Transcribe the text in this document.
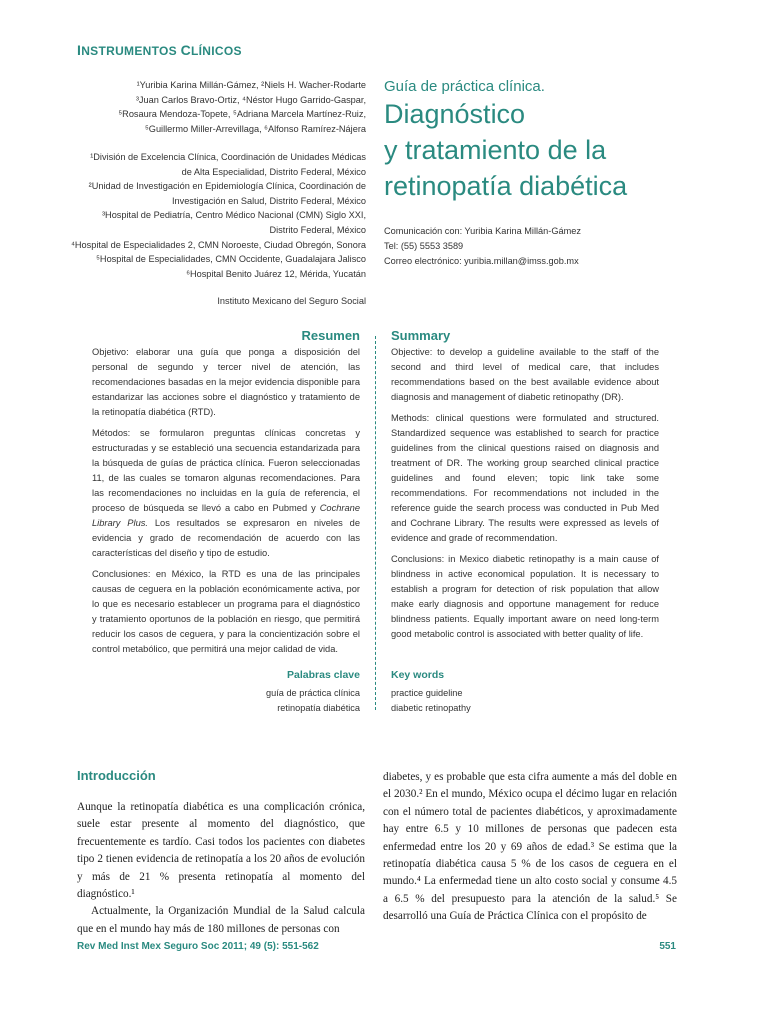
INSTRUMENTOS CLÍNICOS
¹Yuribia Karina Millán-Gámez, ²Niels H. Wacher-Rodarte
³Juan Carlos Bravo-Ortiz, ⁴Néstor Hugo Garrido-Gaspar,
⁵Rosaura Mendoza-Topete, ⁵Adriana Marcela Martínez-Ruiz,
⁵Guillermo Miller-Arrevillaga, ⁶Alfonso Ramírez-Nájera
¹División de Excelencia Clínica, Coordinación de Unidades Médicas
de Alta Especialidad, Distrito Federal, México
²Unidad de Investigación en Epidemiología Clínica, Coordinación de
Investigación en Salud, Distrito Federal, México
³Hospital de Pediatría, Centro Médico Nacional (CMN) Siglo XXI,
Distrito Federal, México
⁴Hospital de Especialidades 2, CMN Noroeste, Ciudad Obregón, Sonora
⁵Hospital de Especialidades, CMN Occidente, Guadalajara Jalisco
⁶Hospital Benito Juárez 12, Mérida, Yucatán
Instituto Mexicano del Seguro Social
Guía de práctica clínica.
Diagnóstico
y tratamiento de la
retinopatía diabética
Comunicación con: Yuribia Karina Millán-Gámez
Tel: (55) 5553 3589
Correo electrónico: yuribia.millan@imss.gob.mx
Resumen Summary

Objetivo: elaborar una guía que ponga a disposición del personal de segundo y tercer nivel de atención, las recomendaciones basadas en la mejor evidencia disponible para estandarizar las acciones sobre el diagnóstico y tratamiento de la retinopatía diabética (RTD).

Métodos: se formularon preguntas clínicas concretas y estructuradas y se estableció una secuencia estandarizada para la búsqueda de guías de práctica clínica. Fueron seleccionadas 11, de las cuales se tomaron algunas recomendaciones. Para las recomendaciones no incluidas en la guía de referencia, el proceso de búsqueda se llevó a cabo en Pubmed y Cochrane Library Plus. Los resultados se expresaron en niveles de evidencia y grado de recomendación de acuerdo con las características del diseño y tipo de estudio.

Conclusiones: en México, la RTD es una de las principales causas de ceguera en la población económicamente activa, por lo que es necesario establecer un programa para el diagnóstico y tratamiento oportunos de la población en riesgo, que permitirá reducir los casos de ceguera, y para la concientización sobre el control metabólico, que permitirá una mejor calidad de vida.

Objective: to develop a guideline available to the staff of the second and third level of medical care, that includes recommendations based on the best available evidence about diagnosis and management of diabetic retinopathy (DR).

Methods: clinical questions were formulated and structured. Standardized sequence was established to search for practice guidelines from the clinical questions raised on diagnosis and treatment of DR. The working group searched clinical practice guidelines and found eleven; topic link take some recommendations. For recommendations not included in the reference guide the search process was conducted in Pub Med and Cochrane Library. The results were expressed as levels of evidence and grade of recommendation.

Conclusions: in Mexico diabetic retinopathy is a main cause of blindness in active economical population. It is necessary to establish a program for detection of risk population that allow make early diagnosis and opportune management for reduce blindness patients. Equally important aware on need long-term good metabolic control is associated with better quality of life.

Palabras clave	Key words
guía de práctica clínica
retinopatía diabética
practice guideline
diabetic retinopathy
Introducción

Aunque la retinopatía diabética es una complicación crónica, suele estar presente al momento del diagnóstico, que frecuentemente es tardío. Casi todos los pacientes con diabetes tipo 2 tienen evidencia de retinopatía a los 20 años de evolución y más de 21 % presenta retinopatía al momento del diagnóstico.¹

Actualmente, la Organización Mundial de la Salud calcula que en el mundo hay más de 180 millones de personas con

diabetes, y es probable que esta cifra aumente a más del doble en el 2030.² En el mundo, México ocupa el décimo lugar en relación con el número total de pacientes diabéticos, y aproximadamente hay entre 6.5 y 10 millones de personas que padecen esta enfermedad entre los 20 y 69 años de edad.³ Se estima que la retinopatía diabética causa 5 % de los casos de ceguera en el mundo.⁴ La enfermedad tiene un alto costo social y consume 4.5 a 6.5 % del presupuesto para la atención de la salud.⁵ Se desarrolló una Guía de Práctica Clínica con el propósito de

Rev Med Inst Mex Seguro Soc 2011; 49 (5): 551-562	551
